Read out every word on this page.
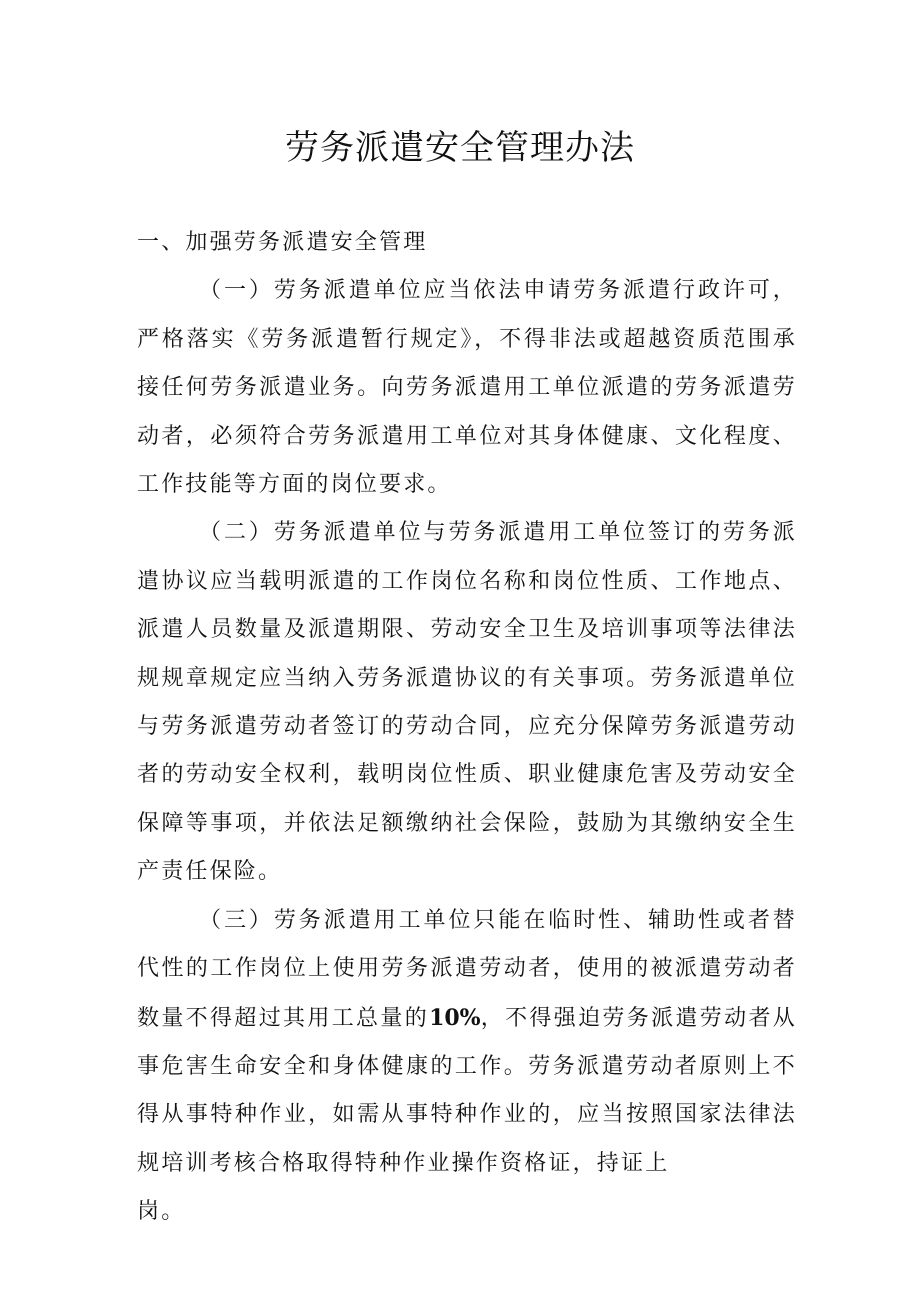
劳务派遣安全管理办法

一、加强劳务派遣安全管理

（一）劳务派遣单位应当依法申请劳务派遣行政许可，严格落实《劳务派遣暂行规定》，不得非法或超越资质范围承接任何劳务派遣业务。向劳务派遣用工单位派遣的劳务派遣劳动者，必须符合劳务派遣用工单位对其身体健康、文化程度、工作技能等方面的岗位要求。

（二）劳务派遣单位与劳务派遣用工单位签订的劳务派遣协议应当载明派遣的工作岗位名称和岗位性质、工作地点、派遣人员数量及派遣期限、劳动安全卫生及培训事项等法律法规规章规定应当纳入劳务派遣协议的有关事项。劳务派遣单位与劳务派遣劳动者签订的劳动合同，应充分保障劳务派遣劳动者的劳动安全权利，载明岗位性质、职业健康危害及劳动安全保障等事项，并依法足额缴纳社会保险，鼓励为其缴纳安全生产责任保险。

（三）劳务派遣用工单位只能在临时性、辅助性或者替代性的工作岗位上使用劳务派遣劳动者，使用的被派遣劳动者数量不得超过其用工总量的10%，不得强迫劳务派遣劳动者从事危害生命安全和身体健康的工作。劳务派遣劳动者原则上不得从事特种作业，如需从事特种作业的，应当按照国家法律法规培训考核合格取得特种作业操作资格证，持证上

岗。
